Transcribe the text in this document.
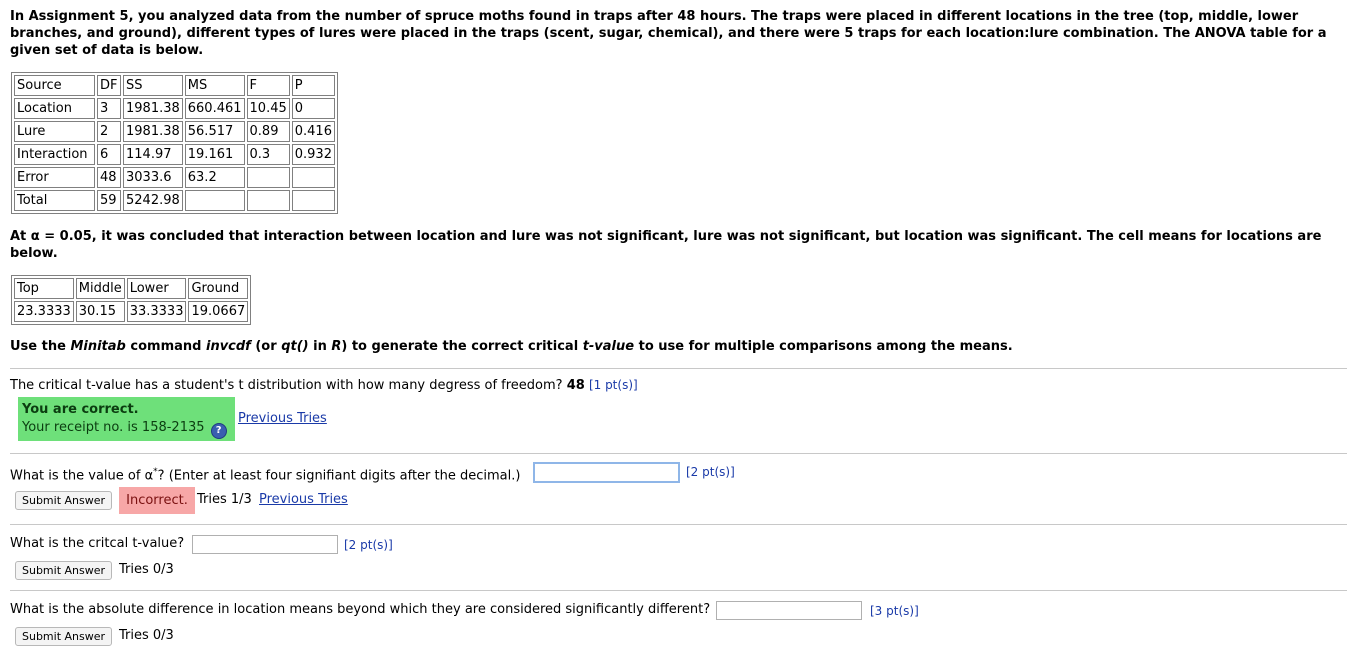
In Assignment 5, you analyzed data from the number of spruce moths found in traps after 48 hours. The traps were placed in different locations in the tree (top, middle, lower branches, and ground), different types of lures were placed in the traps (scent, sugar, chemical), and there were 5 traps for each location:lure combination. The ANOVA table for a given set of data is below.
Source	DF	SS	MS	F	P
Location	3	1981.38	660.461	10.45	0
Lure	2	1981.38	56.517	0.89	0.416
Interaction	6	114.97	19.161	0.3	0.932
Error	48	3033.6	63.2		
Total	59	5242.98			
At α = 0.05, it was concluded that interaction between location and lure was not significant, lure was not significant, but location was significant. The cell means for locations are below.
Top	Middle	Lower	Ground
23.3333	30.15	33.3333	19.0667
Use the Minitab command invcdf (or qt() in R) to generate the correct critical t-value to use for multiple comparisons among the means.
The critical t-value has a student's t distribution with how many degress of freedom? 48 [1 pt(s)]
You are correct.
Your receipt no. is 158-2135 ?
Previous Tries
What is the value of α*? (Enter at least four signifiant digits after the decimal.)	[2 pt(s)]
Submit Answer	Incorrect. Tries 1/3 Previous Tries
What is the critcal t-value?	[2 pt(s)]
Submit Answer	Tries 0/3
What is the absolute difference in location means beyond which they are considered significantly different?	[3 pt(s)]
Submit Answer	Tries 0/3
